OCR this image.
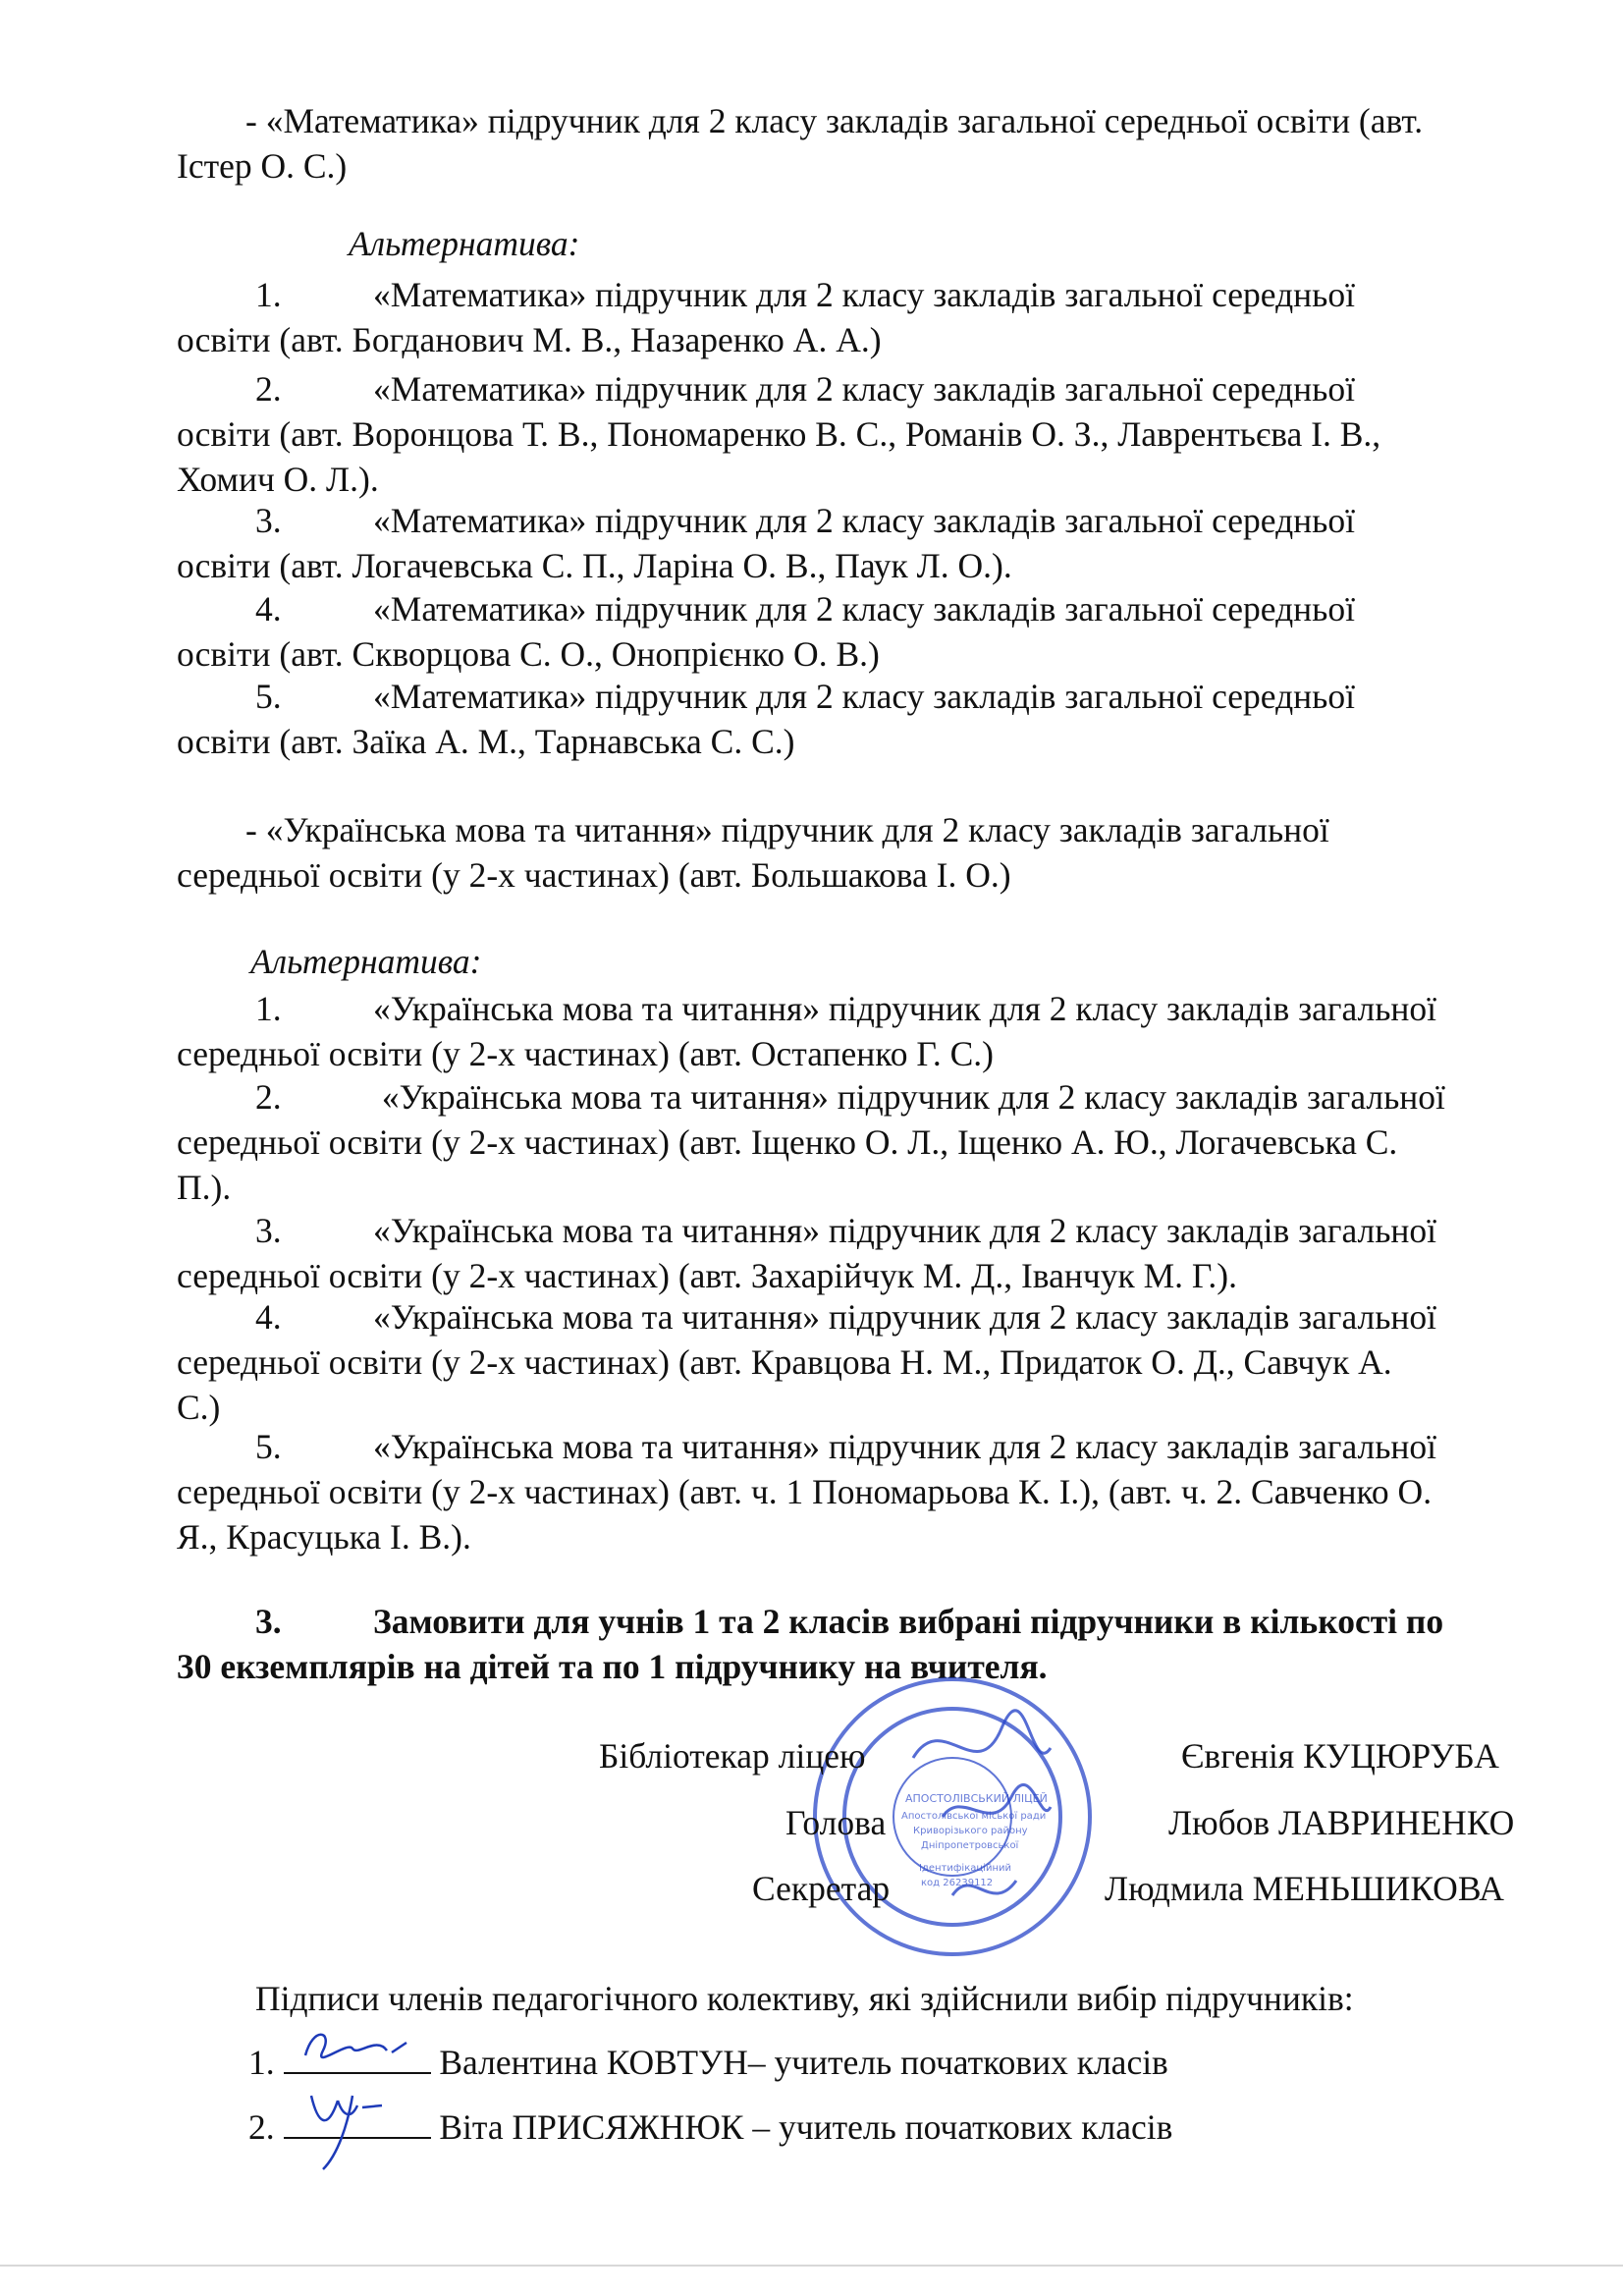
- «Математика» підручник для 2 класу закладів загальної середньої освіти (авт.
Істер О. С.)

Альтернатива:

1.	«Математика» підручник для 2 класу закладів загальної середньої
освіти (авт. Богданович М. В., Назаренко А. А.)

2.	«Математика» підручник для 2 класу закладів загальної середньої
освіти (авт. Воронцова Т. В., Пономаренко В. С., Романів О. З., Лаврентьєва І. В.,
Хомич О. Л.).

3.	«Математика» підручник для 2 класу закладів загальної середньої
освіти (авт. Логачевська С. П., Ларіна О. В., Паук Л. О.).

4.	«Математика» підручник для 2 класу закладів загальної середньої
освіти (авт. Скворцова С. О., Онопрієнко О. В.)

5.	«Математика» підручник для 2 класу закладів загальної середньої
освіти (авт. Заїка А. М., Тарнавська С. С.)

- «Українська мова та читання» підручник для 2 класу закладів загальної
середньої освіти (у 2-х частинах) (авт. Большакова І. О.)

Альтернатива:

1.	«Українська мова та читання» підручник для 2 класу закладів загальної
середньої освіти (у 2-х частинах) (авт. Остапенко Г. С.)

2.	«Українська мова та читання» підручник для 2 класу закладів загальної
середньої освіти (у 2-х частинах) (авт. Іщенко О. Л., Іщенко А. Ю., Логачевська С.
П.).

3.	«Українська мова та читання» підручник для 2 класу закладів загальної
середньої освіти (у 2-х частинах) (авт. Захарійчук М. Д., Іванчук М. Г.).

4.	«Українська мова та читання» підручник для 2 класу закладів загальної
середньої освіти (у 2-х частинах) (авт. Кравцова Н. М., Придаток О. Д., Савчук А.
С.)

5.	«Українська мова та читання» підручник для 2 класу закладів загальної
середньої освіти (у 2-х частинах) (авт. ч. 1 Пономарьова К. І.), (авт. ч. 2. Савченко О.
Я., Красуцька І. В.).

3.	Замовити для учнів 1 та 2 класів вибрані підручники в кількості по
30 екземплярів на дітей та по 1 підручнику на вчителя.

АПОСТОЛІВСЬКИЙ ЛІЦЕЙ
Апостолівської міської ради
Криворізького району
Дніпропетровської
Ідентифікаційний
код 26239112

Бібліотекар ліцею	Євгенія КУЦЮРУБА

Голова	Любов ЛАВРИНЕНКО

Секретар	Людмила МЕНЬШИКОВА

Підписи членів педагогічного колективу, які здійснили вибір підручників:

1.	Валентина КОВТУН– учитель початкових класів

2.	Віта ПРИСЯЖНЮК – учитель початкових класів
